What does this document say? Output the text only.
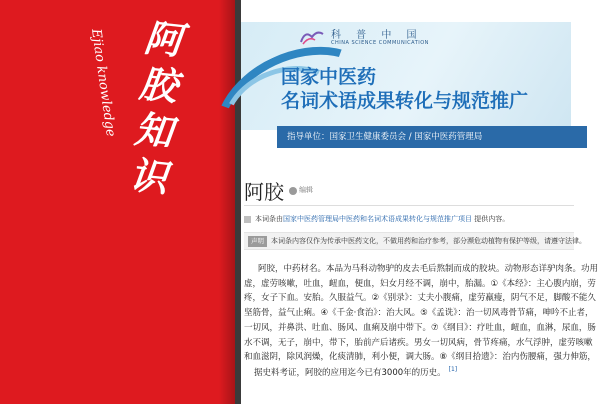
阿胶知识
Ejiao knowledge	科 普 中 国
CHINA SCIENCE COMMUNICATION
国家中医药
名词术语成果转化与规范推广
指导单位：国家卫生健康委员会 / 国家中医药管理局
阿胶 编辑
本词条由国家中医药管理局中医药和名词术语成果转化与规范推广项目 提供内容。
声明 本词条内容仅作为传承中医药文化，不做用药和治疗参考，部分濒危动植物有保护等级，请遵守法律。
阿胶，中药材名。本品为马科动物驴的皮去毛后熬制而成的胶块。动物形态详驴肉条。功用
虚，虚劳咳嗽，吐血，衄血，便血，妇女月经不调，崩中，胎漏。①《本经》：主心腹内崩，劳
疼，女子下血。安胎。久服益气。②《别录》：丈夫小腹痛，虚劳羸瘦，阴气不足，脚酸不能久
坚筋骨，益气止痢。④《千金·食治》：治大风。⑤《孟诜》：治一切风毒骨节痛，呻吟不止者，
一切风，并鼻洪、吐血、肠风、血痢及崩中带下。⑦《纲目》：疗吐血，衄血，血淋，尿血，肠
水不调，无子，崩中，带下，胎前产后诸疾。男女一切风病，骨节疼痛，水气浮肿，虚劳咳嗽
和血滋阴，除风润燥，化痰清肺，利小便，调大肠。⑧《纲目拾遗》：治内伤腰痛，强力伸筋，
据史料考证，阿胶的应用迄今已有3000年的历史。 [1]
